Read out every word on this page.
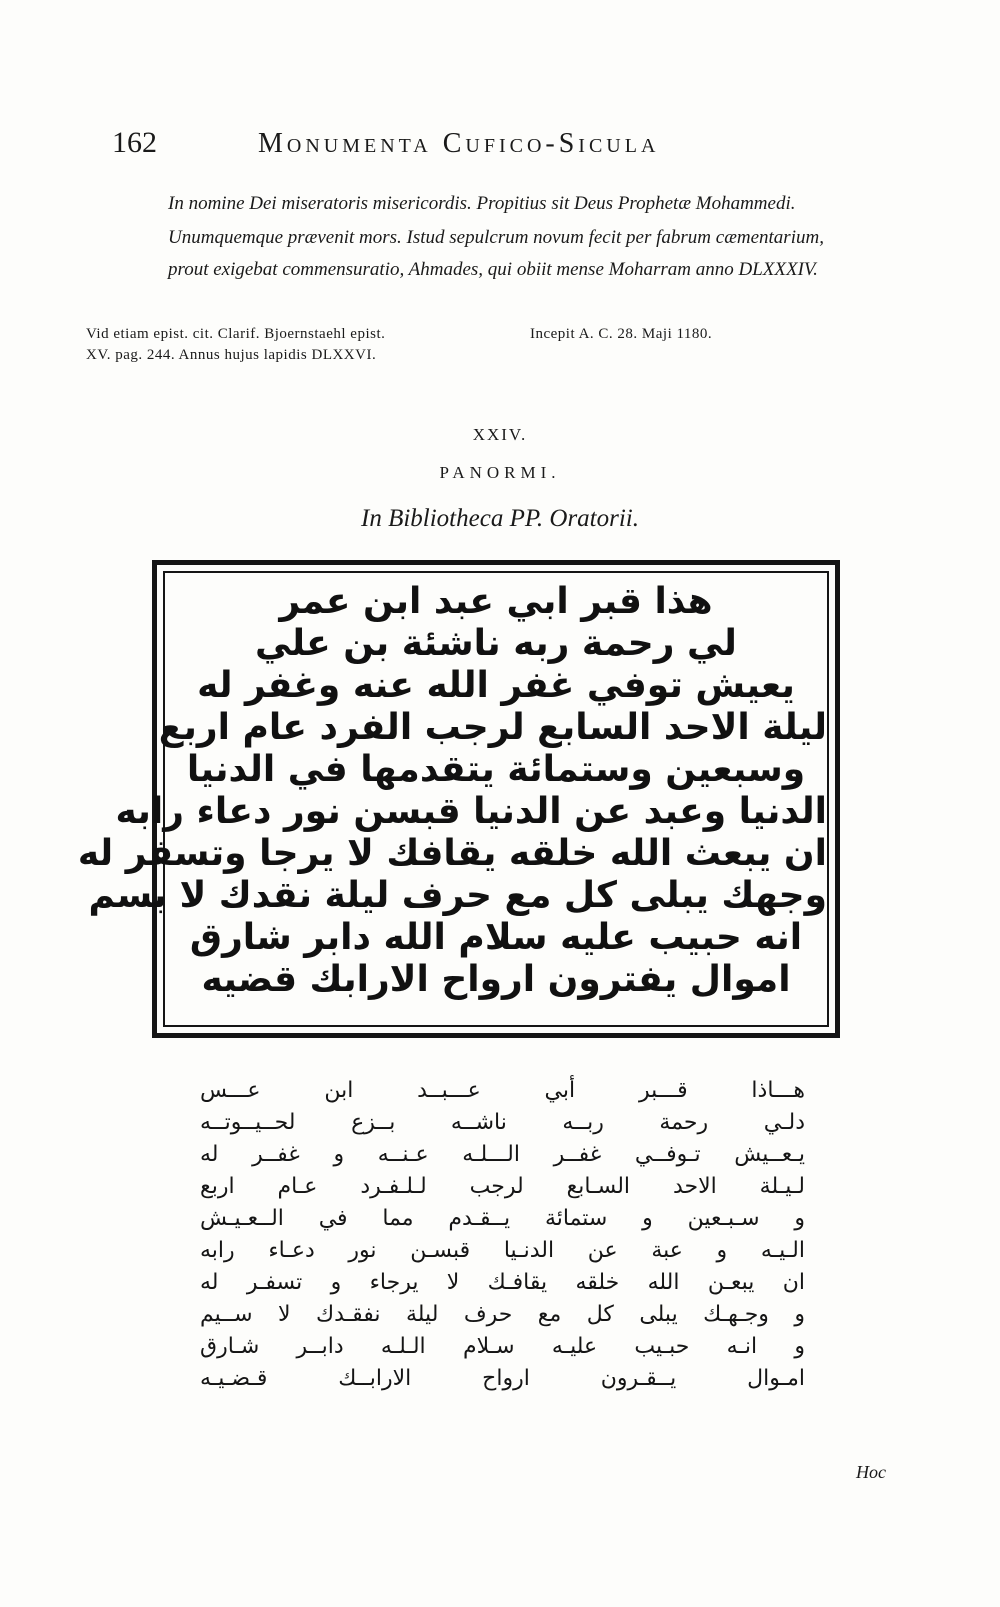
162	Monumenta Cufico-Sicula
In nomine Dei miseratoris misericordis. Propitius sit Deus Prophetæ Mohammedi.
Unumquemque prævenit mors. Istud sepulcrum novum fecit per fabrum cæmentarium,
prout exigebat commensuratio, Ahmades, qui obiit mense Moharram anno DLXXXIV.
Vid etiam epist. cit. Clarif. Bjoernstaehl epist.
XV. pag. 244. Annus hujus lapidis DLXXVI.
Incepit A. C. 28. Maji 1180.
XXIV.
PANORMI.
In Bibliotheca PP. Oratorii.
هذا قبر ابي عبد ابن عمر
لي رحمة ربه ناشئة بن علي
يعيش توفي غفر الله عنه وغفر له
ليلة الاحد السابع لرجب الفرد عام اربع
وسبعين وستمائة يتقدمها في الدنيا
الدنيا وعبد عن الدنيا قبسن نور دعاء رابه
ان يبعث الله خلقه يقافك لا يرجا وتسفر له
وجهك يبلى كل مع حرف ليلة نقدك لا بسم
انه حبيب عليه سلام الله دابر شارق
اموال يفترون ارواح الارابك قضيه
هـــاذا قـــبر أبي عـــبــد ابن عـــس
دلـي رحمة ربــه ناشــه بــزع لحــيــوتــه
يـعــيش تـوفــي غفــر الـــلـه عـنــه و غفــر له
لـيـلة الاحد السـابع لرجب لـلـفـرد عـام اربع
و سـبـعين و ستمائة يــقـدم مما في الــعـيـش
الـيـه و عبة عن الدنـيا قبسـن نور دعـاء رابه
ان يبعـن الله خلقه يقافـك لا يرجاء و تسفـر له
و وجـهـك يبلى كل مع حرف ليلة نفقـدك لا ســيم
و انـه حبـيب عليـه سـلام الـلـه دابــر شـارق
امـوال يــقـرون ارواح الارابــك قـضـيـه
Hoc
